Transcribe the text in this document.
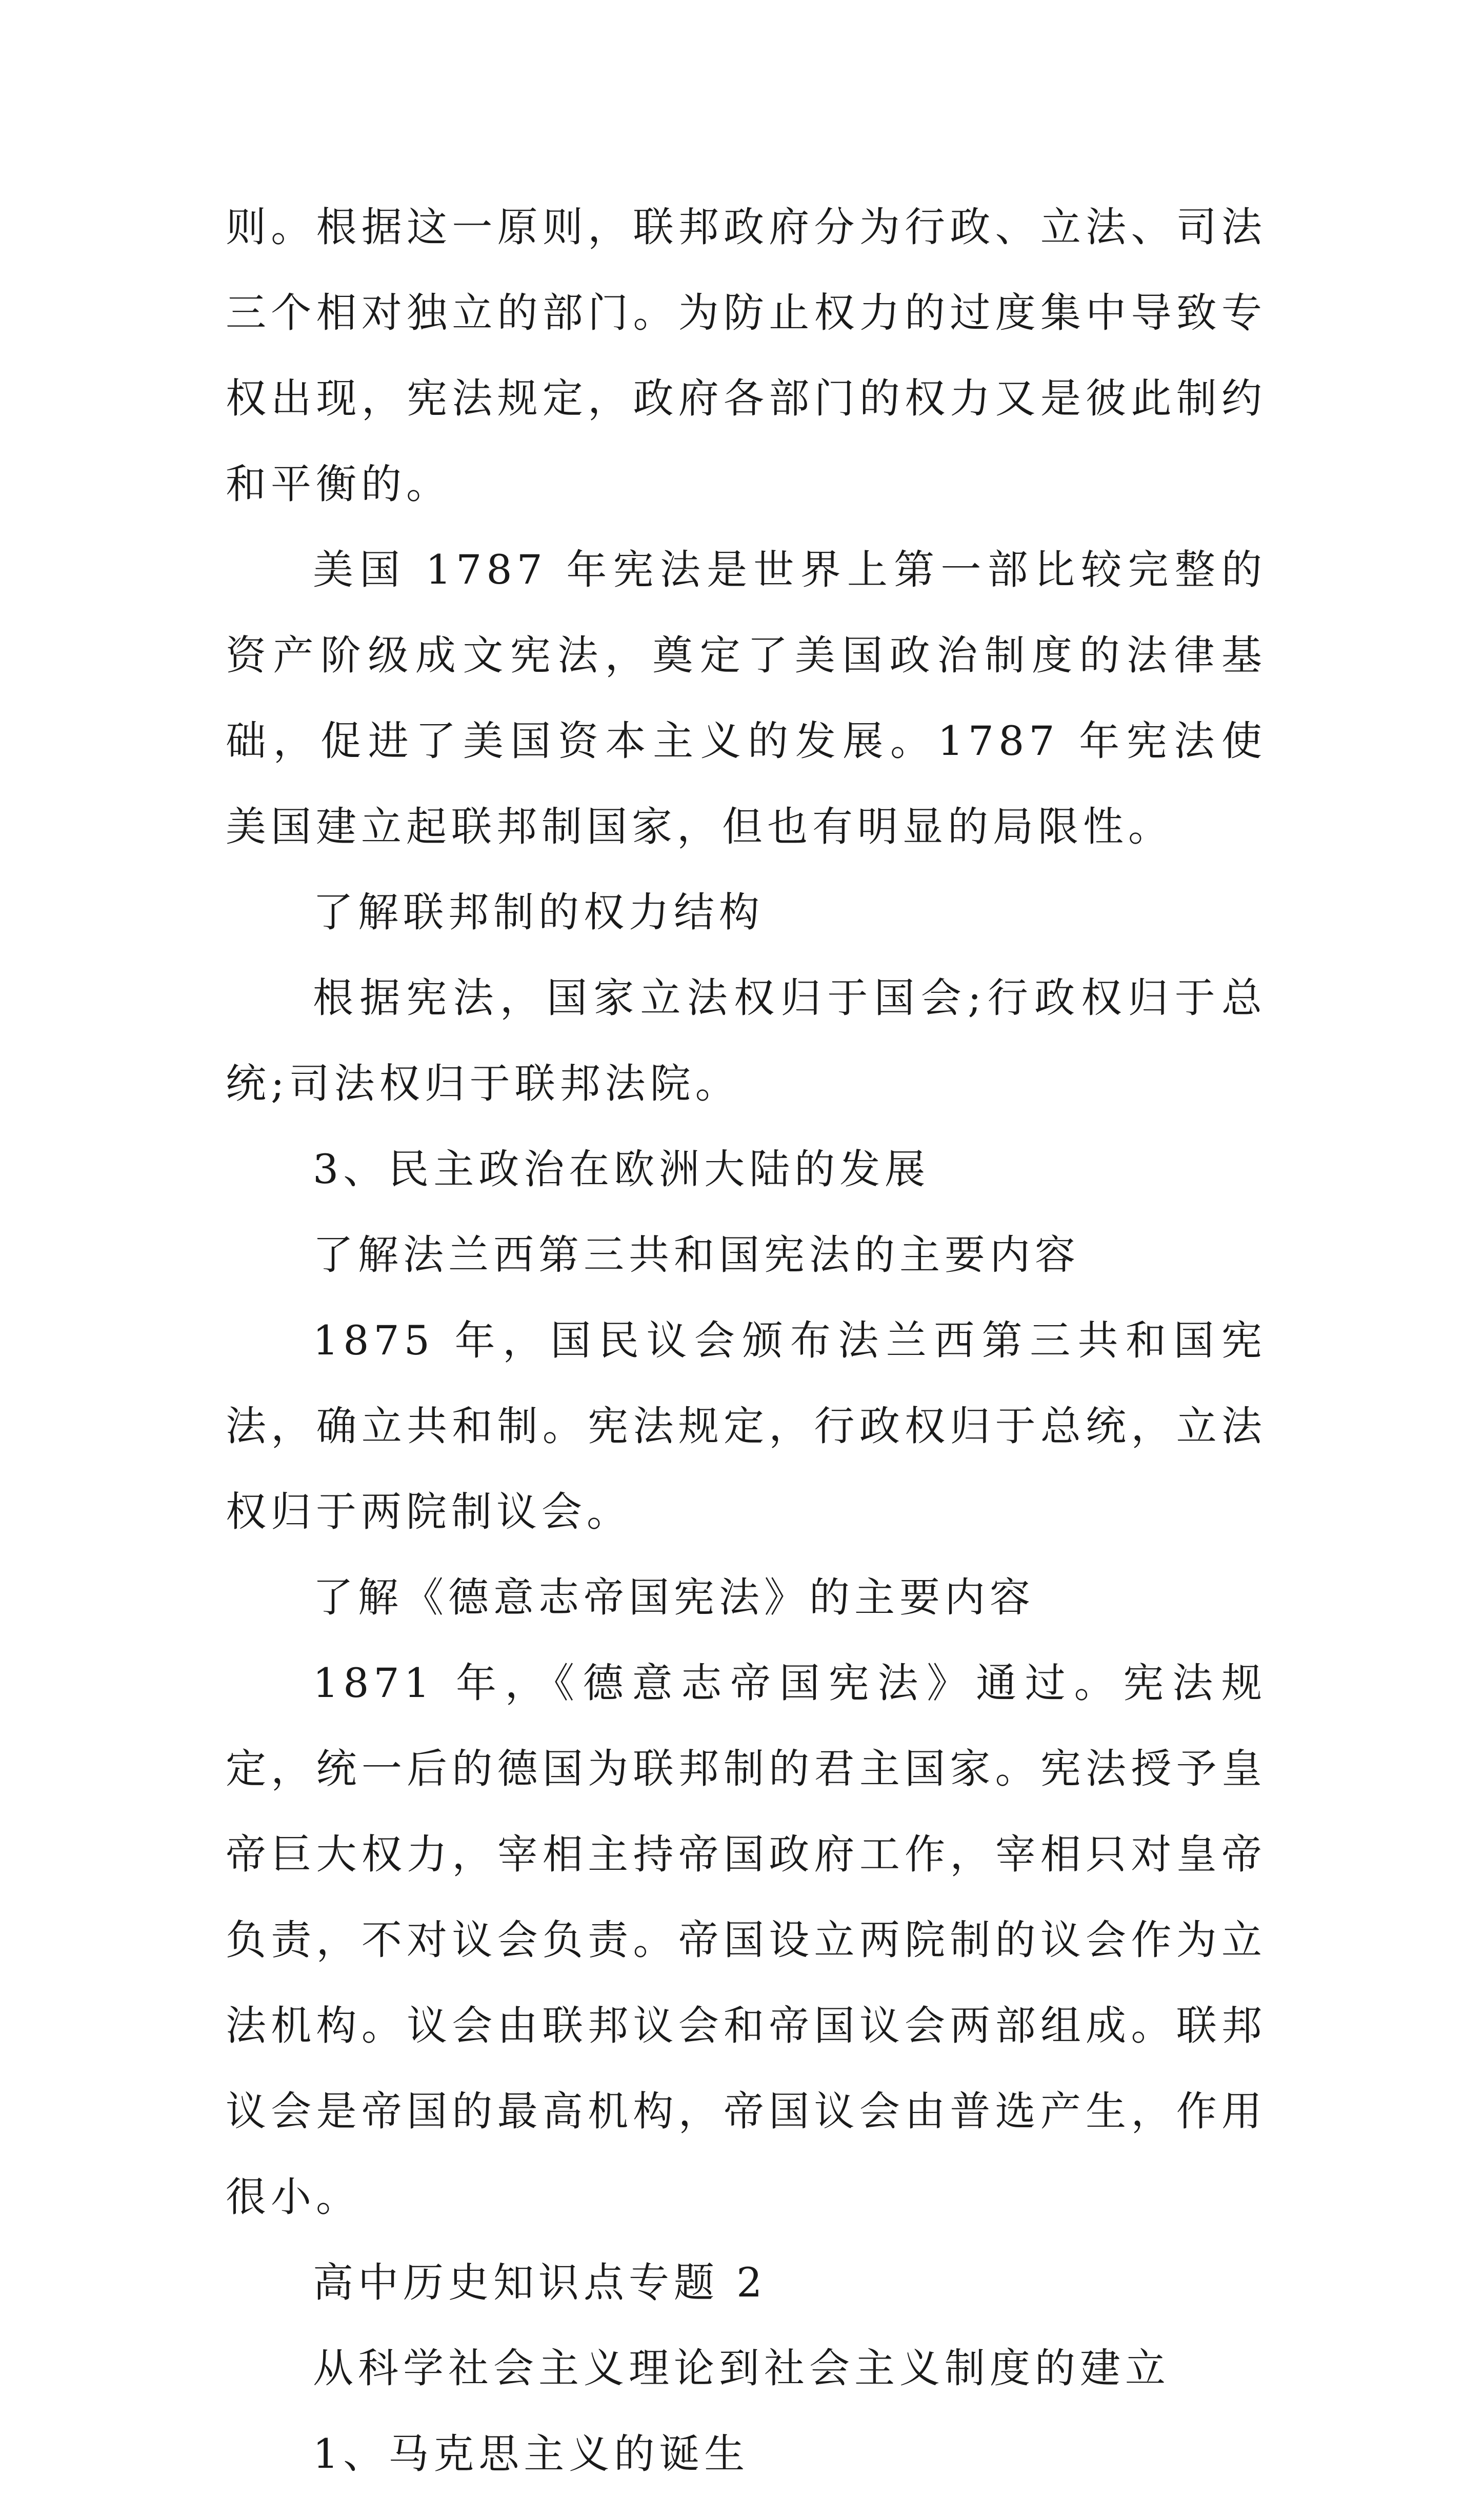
则。根据这一原则，联邦政府分为行政、立法、司法三个相对独立的部门。为防止权力的过度集中导致专权出现，宪法规定，政府各部门的权力又是彼此制约和平衡的。

美国 1787 年宪法是世界上第一部比较完整的资产阶级成文宪法，奠定了美国政治制度的法律基础，促进了美国资本主义的发展。1787 年宪法使美国建立起联邦制国家，但也有明显的局限性。

了解联邦制的权力结构

根据宪法，国家立法权归于国会;行政权归于总统;司法权归于联邦法院。

3、民主政治在欧洲大陆的发展

了解法兰西第三共和国宪法的主要内容

1875 年，国民议会颁布法兰西第三共和国宪法，确立共和制。宪法规定，行政权归于总统，立法权归于两院制议会。

了解《德意志帝国宪法》的主要内容

1871 年，《德意志帝国宪法》通过。宪法规定，统一后的德国为联邦制的君主国家。宪法授予皇帝巨大权力，宰相主持帝国政府工作，宰相只对皇帝负责，不对议会负责。帝国设立两院制的议会作为立法机构。议会由联邦议会和帝国议会两部组成。联邦议会是帝国的最高机构，帝国议会由普选产生，作用很小。

高中历史知识点专题 2

从科学社会主义理论到社会主义制度的建立

1、马克思主义的诞生
